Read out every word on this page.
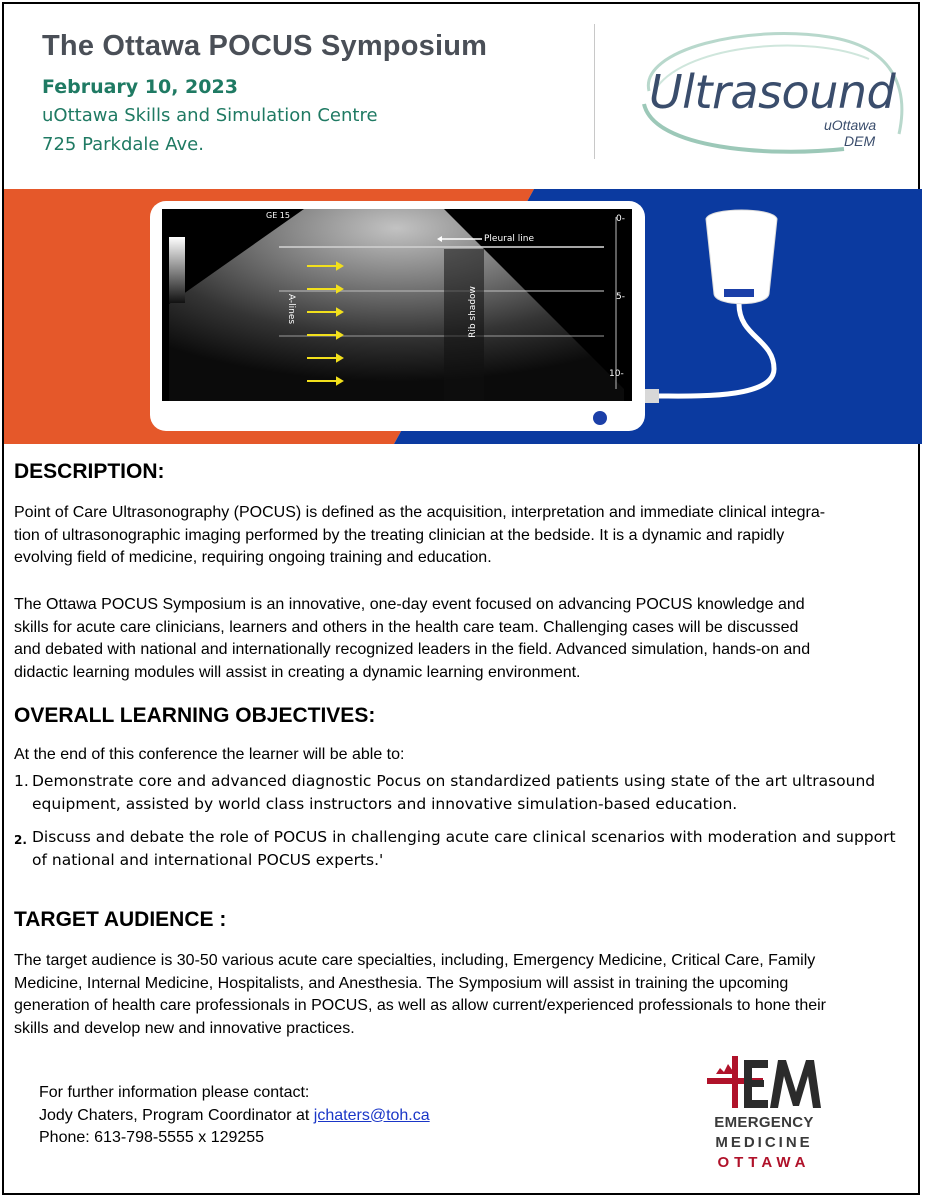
The Ottawa POCUS Symposium
February 10, 2023
uOttawa Skills and Simulation Centre
725 Parkdale Ave.
Ultrasound
uOttawa
DEM
Pleural line
A-lines	Rib shadow
GE 15	0-
5-
10-
DESCRIPTION:
Point of Care Ultrasonography (POCUS) is defined as the acquisition, interpretation and immediate clinical integra-
tion of ultrasonographic imaging performed by the treating clinician at the bedside. It is a dynamic and rapidly
evolving field of medicine, requiring ongoing training and education.
The Ottawa POCUS Symposium is an innovative, one-day event focused on advancing POCUS knowledge and
skills for acute care clinicians, learners and others in the health care team. Challenging cases will be discussed
and debated with national and internationally recognized leaders in the field. Advanced simulation, hands-on and
didactic learning modules will assist in creating a dynamic learning environment.
OVERALL LEARNING OBJECTIVES:
At the end of this conference the learner will be able to:
1. Demonstrate core and advanced diagnostic Pocus on standardized patients using state of the art ultrasound
equipment, assisted by world class instructors and innovative simulation-based education.
2. Discuss and debate the role of POCUS in challenging acute care clinical scenarios with moderation and support
of national and international POCUS experts.'
TARGET AUDIENCE :
The target audience is 30-50 various acute care specialties, including, Emergency Medicine, Critical Care, Family
Medicine, Internal Medicine, Hospitalists, and Anesthesia. The Symposium will assist in training the upcoming
generation of health care professionals in POCUS, as well as allow current/experienced professionals to hone their
skills and develop new and innovative practices.
For further information please contact:
Jody Chaters, Program Coordinator at jchaters@toh.ca
Phone: 613-798-5555 x 129255
EMERGENCY
MEDICINE
OTTAWA
